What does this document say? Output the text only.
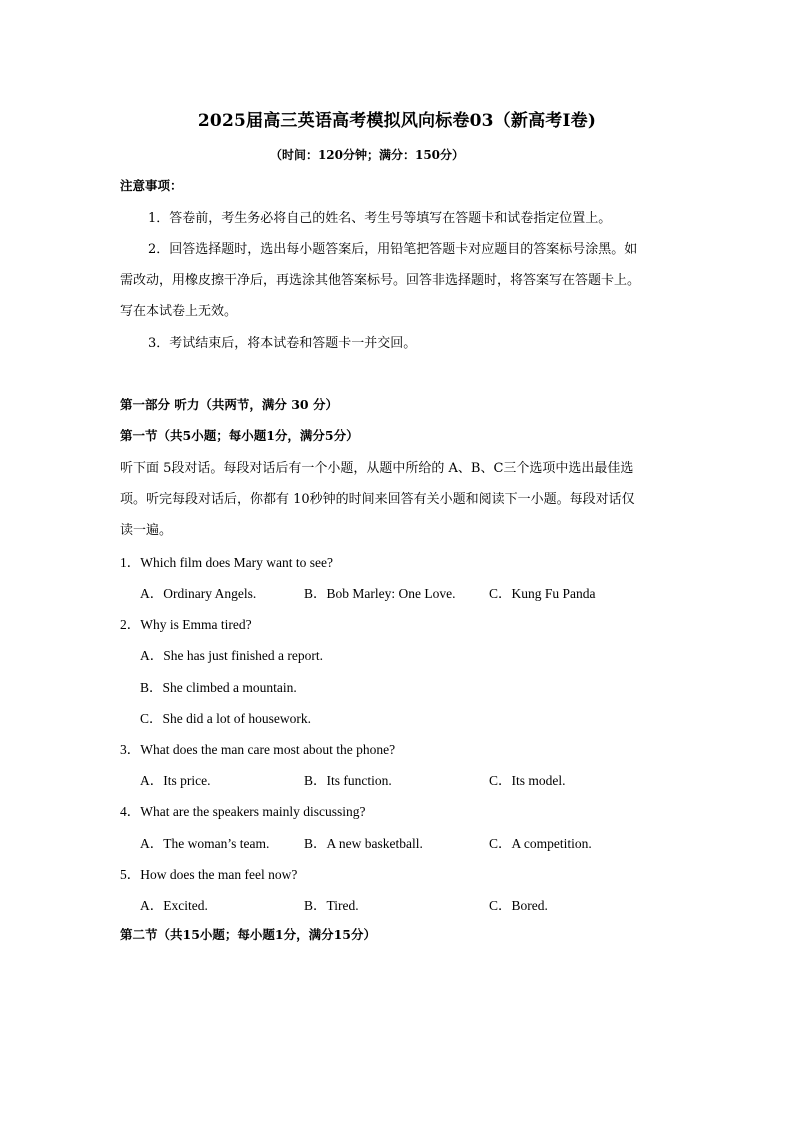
2025届高三英语高考模拟风向标卷03（新高考I卷)
（时间：120分钟；满分：150分）
注意事项：
1．答卷前，考生务必将自己的姓名、考生号等填写在答题卡和试卷指定位置上。
2．回答选择题时，选出每小题答案后，用铅笔把答题卡对应题目的答案标号涂黑。如
需改动，用橡皮擦干净后，再选涂其他答案标号。回答非选择题时，将答案写在答题卡上。
写在本试卷上无效。
3．考试结束后，将本试卷和答题卡一并交回。
第一部分 听力（共两节，满分 30 分）
第一节（共5小题；每小题1分，满分5分）
听下面 5段对话。每段对话后有一个小题，从题中所给的 A、B、C三个选项中选出最佳选
项。听完每段对话后，你都有 10秒钟的时间来回答有关小题和阅读下一小题。每段对话仅
读一遍。
1．Which film does Mary want to see?
A．Ordinary Angels.	B．Bob Marley: One Love. C．Kung Fu Panda
2．Why is Emma tired?
A．She has just finished a report.
B．She climbed a mountain.
C．She did a lot of housework.
3．What does the man care most about the phone?
A．Its price.	B．Its function.	C．Its model.
4．What are the speakers mainly discussing?
A．The woman’s team.	B．A new basketball.	C．A competition.
5．How does the man feel now?
A．Excited.	B．Tired.	C．Bored.
第二节（共15小题；每小题1分，满分15分）
